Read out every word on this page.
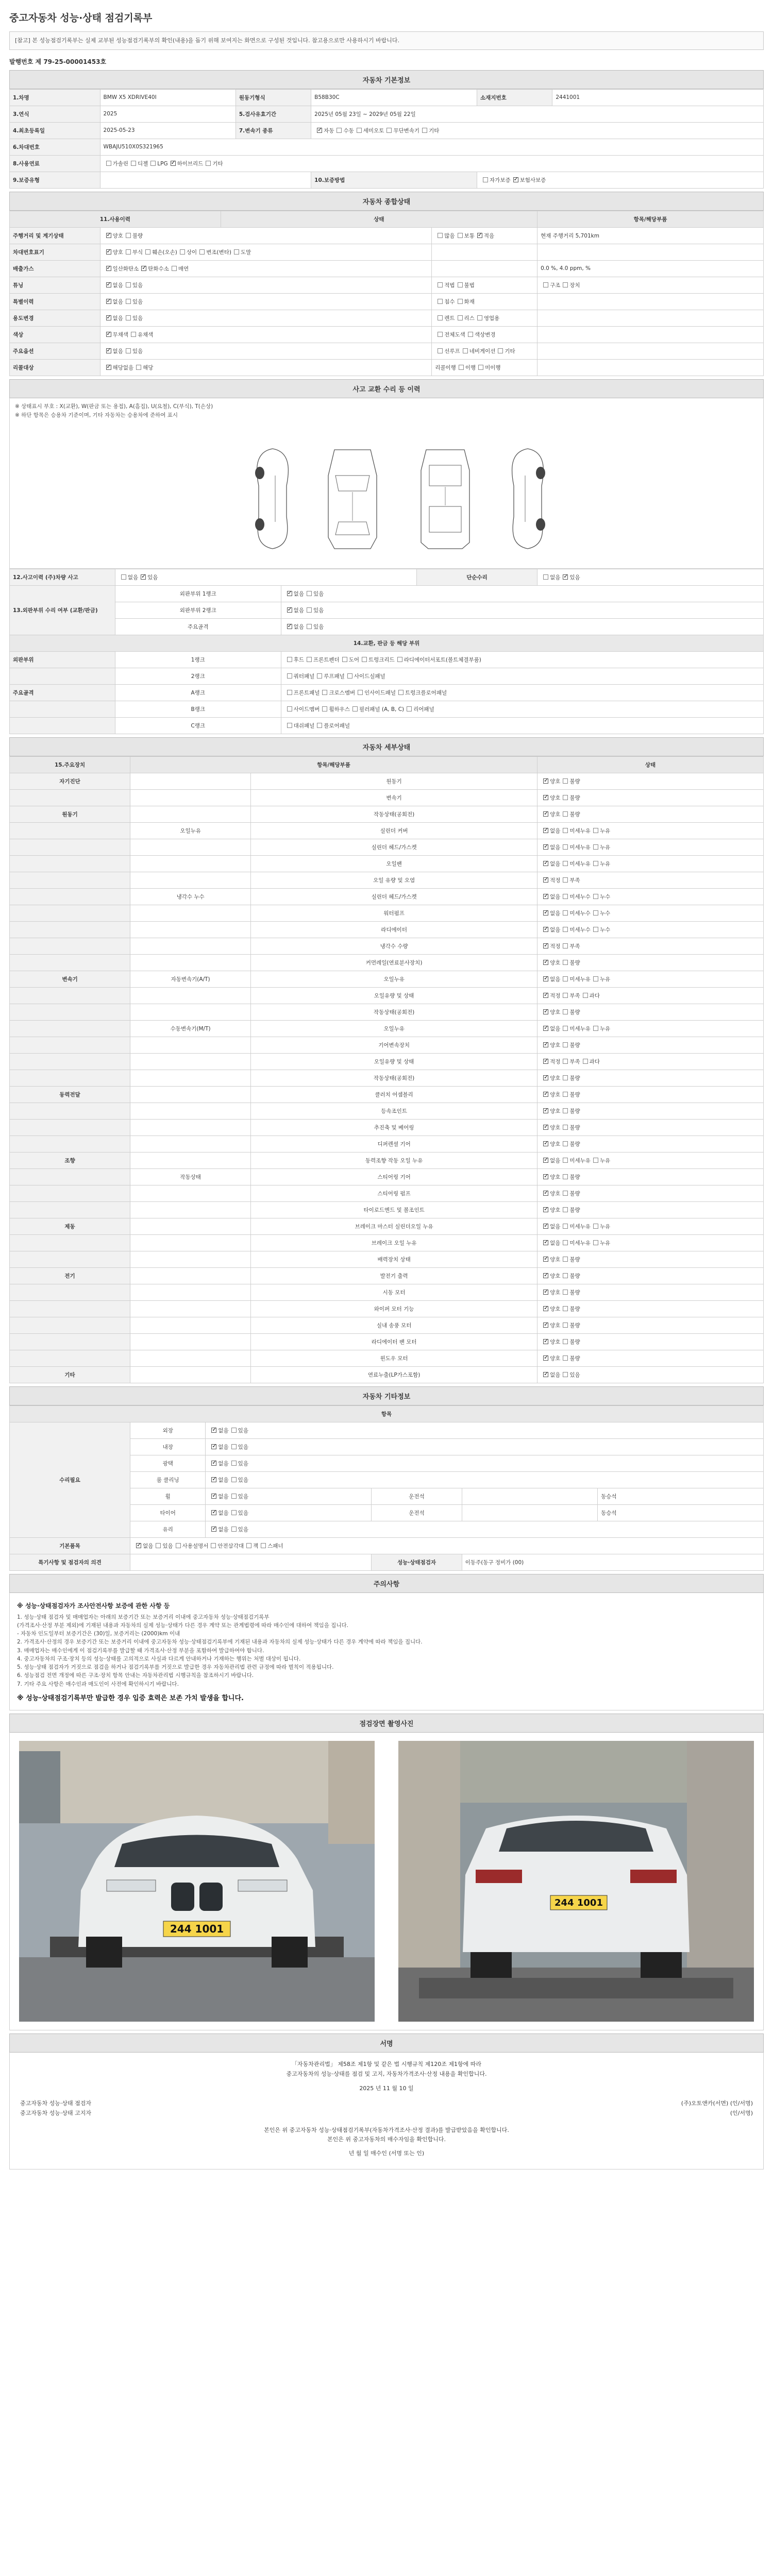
중고자동차 성능·상태 점검기록부
[참고] 본 성능점검기록부는 실제 교부된 성능점검기록부의 확인(내용)을 돕기 위해 보여지는 화면으로 구성된 것입니다. 참고용으로만 사용하시기 바랍니다.
발행번호 제 79-25-00001453호
자동차 기본정보
1.차명	BMW X5 XDRIVE40I	원동기형식	B58B30C	소재지번호	2441001
3.연식	2025	5.검사유효기간	2025년 05월 23일 ~ 2029년 05월 22일		
4.최초등록일	2025-05-23	7.변속기 종류	✓자동 수동 세미오토 무단변속기 기타
6.차대번호	WBAJU510X0S321965				
8.사용연료	가솔린 디젤 LPG ✓ 하이브리드 기타
9.보증유형			10.보증방법	자가보증 ✓ 보험사보증
자동차 종합상태
11.사용이력		상태		항목/해당부품
주행거리 및 계기상태	✓양호 불량		많음 보통 ✓ 적음	현재 주행거리 5,701km
차대번호표기	✓양호 부식 훼손(오손) 상이 변조(변타) 도말		
배출가스	✓일산화탄소 ✓ 탄화수소 매연			0.0 %, 4.0 ppm, %
튜닝	✓없음 있음		적법 불법	구조 장치
특별이력	✓없음 있음		침수 화재	
용도변경	✓없음 있음		렌트 리스 영업용	
색상	✓무채색 유채색		전체도색 색상변경	
주요옵션	✓없음 있음		선루프 네비게이션 기타	
리콜대상	✓해당없음 해당		리콜이행 이행 미이행	
사고 교환 수리 등 이력
※ 상태표시 부호 : X(교환), W(판금 또는 용접), A(흠집), U(요철), C(부식), T(손상)
※ 하단 항목은 승용차 기준이며, 기타 자동차는 승용차에 준하여 표시
12.사고이력 (주)차량 사고	없음 ✓ 있음		단순수리	없음 ✓ 있음
13.외판부위 수리 여부 (교환/판금)	외판부위 1랭크	✓없음 있음
	외판부위 2랭크	✓없음 있음
	주요골격	✓없음 있음
14.교환, 판금 등 해당 부위				
외판부위	1랭크	후드 프론트펜더 도어 트렁크리드 라디에이터서포트(볼트체결부품)		
	2랭크	쿼터패널 루프패널 사이드실패널		
주요골격	A랭크	프론트패널 크로스멤버 인사이드패널 트렁크플로어패널		
	B랭크	사이드멤버 휠하우스 필러패널 (A, B, C) 리어패널		
	C랭크	대쉬패널 플로어패널		
자동차 세부상태
15.주요장치	항목/해당부품		상태
자기진단		원동기	✓양호 불량
		변속기	✓양호 불량
원동기		작동상태(공회전)	✓양호 불량
	오일누유	실린더 커버	✓없음 미세누유 누유
		실린더 헤드/가스켓	✓없음 미세누유 누유
		오일팬	✓없음 미세누유 누유
		오일 유량 및 오염	✓적정 부족
	냉각수 누수	실린더 헤드/가스켓	✓없음 미세누수 누수
		워터펌프	✓없음 미세누수 누수
		라디에이터	✓없음 미세누수 누수
		냉각수 수량	✓적정 부족
		커먼레일(연료분사장치)	✓양호 불량
변속기	자동변속기(A/T)	오일누유	✓없음 미세누유 누유
		오일유량 및 상태	✓적정 부족 과다
		작동상태(공회전)	✓양호 불량
	수동변속기(M/T)	오일누유	✓없음 미세누유 누유
		기어변속장치	✓양호 불량
		오일유량 및 상태	✓적정 부족 과다
		작동상태(공회전)	✓양호 불량
동력전달		클러치 어셈블리	✓양호 불량
		등속조인트	✓양호 불량
		추진축 및 베어링	✓양호 불량
		디퍼렌셜 기어	✓양호 불량
조향		동력조향 작동 오일 누유	✓없음 미세누유 누유
	작동상태	스티어링 기어	✓양호 불량
		스티어링 펌프	✓양호 불량
		타이로드엔드 및 볼조인트	✓양호 불량
제동		브레이크 마스터 실린더오일 누유	✓없음 미세누유 누유
		브레이크 오일 누유	✓없음 미세누유 누유
		배력장치 상태	✓양호 불량
전기		발전기 출력	✓양호 불량
		시동 모터	✓양호 불량
		와이퍼 모터 기능	✓양호 불량
		실내 송풍 모터	✓양호 불량
		라디에이터 팬 모터	✓양호 불량
		윈도우 모터	✓양호 불량
기타		연료누출(LP가스포함)	✓없음 있음
자동차 기타정보
항목					
수리필요	외장	✓없음 있음
	내장	✓없음 있음
	광택	✓없음 있음
	룸 클리닝	✓없음 있음
	휠	✓없음 있음	운전석		동승석
	타이어	✓없음 있음	운전석		동승석
	유리	✓없음 있음
기본품목	✓없음 있음 사용설명서 안전삼각대 잭 스패너
특기사항 및 점검자의 의견			성능·상태점검자	이동주(동구 정비가 (00)	
주의사항
※ 성능·상태점검자가 조사안전사항 보증에 관한 사항 등
1. 성능·상태 점검자 및 매매업자는 아래의 보증기간 또는 보증거리 이내에 중고자동차 성능·상태점검기록부
(가격조사·산정 부분 제외)에 기재된 내용과 자동차의 실제 성능·상태가 다른 경우 계약 또는 관계법령에 따라 매수인에 대하여 책임을 집니다.
- 자동차 인도일부터 보증기간은 (30)일, 보증거리는 (2000)km 이내
2. 가격조사·산정의 경우 보증기간 또는 보증거리 이내에 중고자동차 성능·상태점검기록부에 기재된 내용과 자동차의 실제 성능·상태가 다른 경우 계약에 따라 책임을 집니다.
3. 매매업자는 매수인에게 이 점검기록부를 발급할 때 가격조사·산정 부분을 포함하여 발급하여야 합니다.
4. 중고자동차의 구조·장치 등의 성능·상태를 고의적으로 사실과 다르게 안내하거나 기재하는 행위는 처벌 대상이 됩니다.
5. 성능·상태 점검자가 거짓으로 점검을 하거나 점검기록부를 거짓으로 발급한 경우 자동차관리법 관련 규정에 따라 벌칙이 적용됩니다.
6. 성능점검 전면 개정에 따른 구조·장치 항목 안내는 자동차관리법 시행규칙을 참조하시기 바랍니다.
7. 기타 주요 사항은 매수인과 매도인이 사전에 확인하시기 바랍니다.
※ 성능·상태점검기록부만 발급한 경우 입증 효력은 보존 가치 발생을 합니다.
점검장면 촬영사진
244 1001
244 1001
서명
「자동차관리법」 제58조 제1항 및 같은 법 시행규칙 제120조 제1항에 따라
중고자동차의 성능·상태를 점검 및 고지, 자동차가격조사·산정 내용을 확인합니다.
2025 년 11 월 10 일
중고자동차 성능·상태 점검자	(주)오토앤카(서면) (인/서명)
중고자동차 성능·상태 고지자	(인/서명)
본인은 위 중고자동차 성능·상태점검기록부(자동차가격조사·산정 결과)를 발급받았음을 확인합니다.
본인은 위 중고자동차의 매수자임을 확인합니다.
년 월 일 매수인 (서명 또는 인)
